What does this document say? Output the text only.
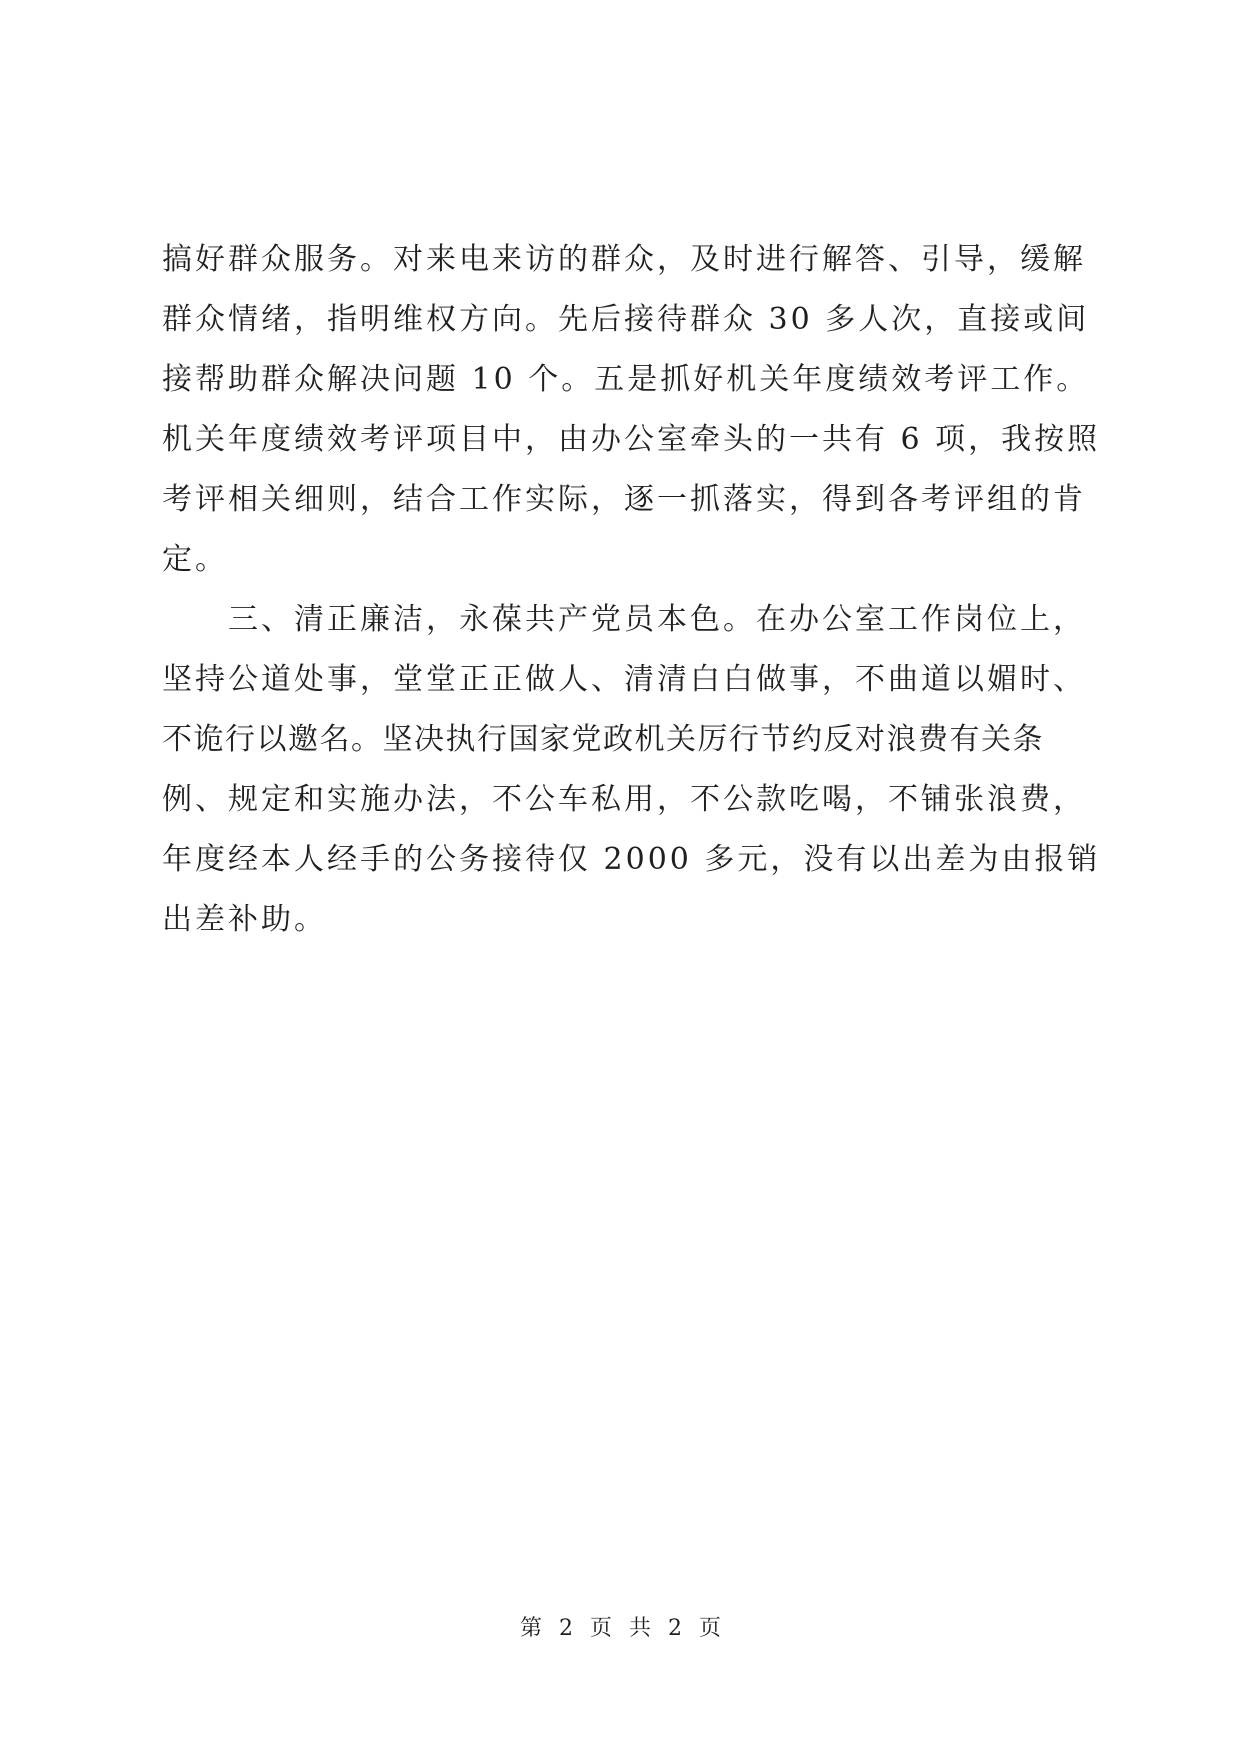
搞好群众服务。对来电来访的群众，及时进行解答、引导，缓解

群众情绪，指明维权方向。先后接待群众 30 多人次，直接或间

接帮助群众解决问题 10 个。五是抓好机关年度绩效考评工作。

机关年度绩效考评项目中，由办公室牵头的一共有 6 项，我按照

考评相关细则，结合工作实际，逐一抓落实，得到各考评组的肯

定。

三、清正廉洁，永葆共产党员本色。在办公室工作岗位上，

坚持公道处事，堂堂正正做人、清清白白做事，不曲道以媚时、

不诡行以邀名。坚决执行国家党政机关厉行节约反对浪费有关条

例、规定和实施办法，不公车私用，不公款吃喝，不铺张浪费，

年度经本人经手的公务接待仅 2000 多元，没有以出差为由报销

出差补助。

第 2 页 共 2 页
